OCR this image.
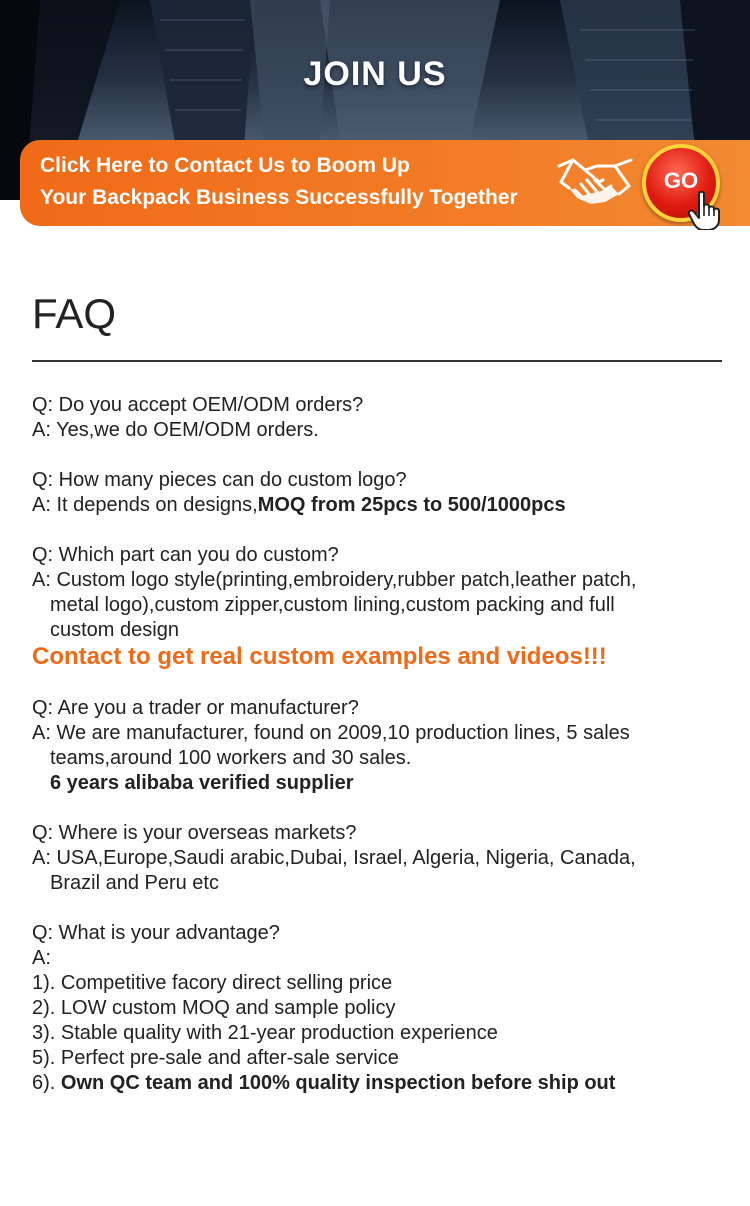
JOIN US
Click Here to Contact Us to Boom Up
Your Backpack Business Successfully Together
GO
FAQ

Q: Do you accept OEM/ODM orders?

A: Yes,we do OEM/ODM orders.

Q: How many pieces can do custom logo?

A: It depends on designs,MOQ from 25pcs to 500/1000pcs

Q: Which part can you do custom?

A: Custom logo style(printing,embroidery,rubber patch,leather patch,

metal logo),custom zipper,custom lining,custom packing and full

custom design

Contact to get real custom examples and videos!!!

Q: Are you a trader or manufacturer?

A: We are manufacturer, found on 2009,10 production lines, 5 sales

teams,around 100 workers and 30 sales.

6 years alibaba verified supplier

Q: Where is your overseas markets?

A: USA,Europe,Saudi arabic,Dubai, Israel, Algeria, Nigeria, Canada,

Brazil and Peru etc

Q: What is your advantage?

A:

1). Competitive facory direct selling price

2). LOW custom MOQ and sample policy

3). Stable quality with 21-year production experience

5). Perfect pre-sale and after-sale service

6). Own QC team and 100% quality inspection before ship out
